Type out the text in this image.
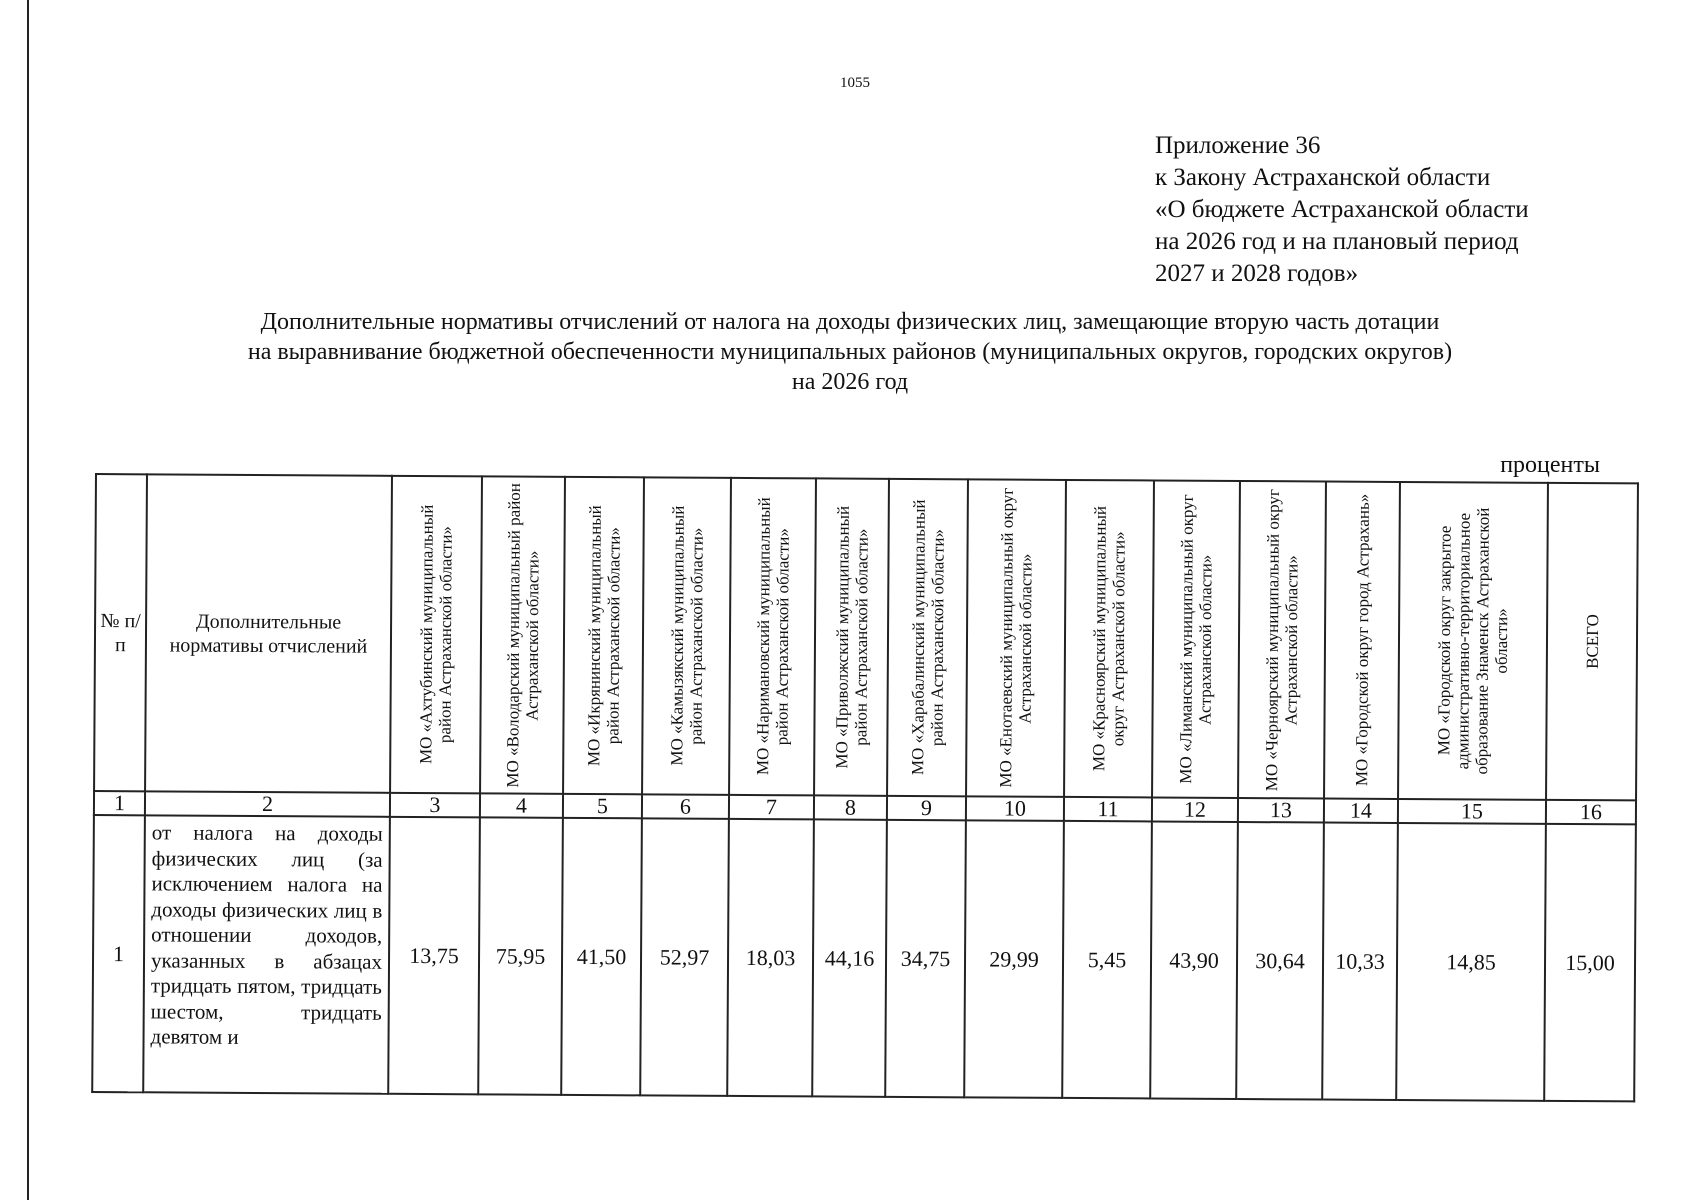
1055
Приложение 36
к Закону Астраханской области
«О бюджете Астраханской области
на 2026 год и на плановый период
2027 и 2028 годов»
Дополнительные нормативы отчислений от налога на доходы физических лиц, замещающие вторую часть дотации
на выравнивание бюджетной обеспеченности муниципальных районов (муниципальных округов, городских округов)
на 2026 год
проценты
№ п/п	Дополнительные нормативы отчислений	МО «Ахтубинский муниципальный район Астраханской области»	МО «Володарский муниципальный район Астраханской области»	МО «Икрянинский муниципальный район Астраханской области»	МО «Камызякский муниципальный район Астраханской области»	МО «Наримановский муниципальный район Астраханской области»	МО «Приволжский муниципальный район Астраханской области»	МО «Харабалинский муниципальный район Астраханской области»	МО «Енотаевский муниципальный округ Астраханской области»	МО «Красноярский муниципальный округ Астраханской области»	МО «Лиманский муниципальный округ Астраханской области»	МО «Черноярский муниципальный округ Астраханской области»	МО «Городской округ город Астрахань»	МО «Городской округ закрытое административно-территориальное образование Знаменск Астраханской области»	ВСЕГО

1	2	3	4	5	6	7	8	9	10	11	12	13	14	15	16
1	от налога на доходы физических лиц (за исключением налога на доходы физических лиц в отношении доходов, указанных в абзацах тридцать пятом, тридцать шестом, тридцать девятом и	13,75	75,95	41,50	52,97	18,03	44,16	34,75	29,99	5,45	43,90	30,64	10,33	14,85	15,00
